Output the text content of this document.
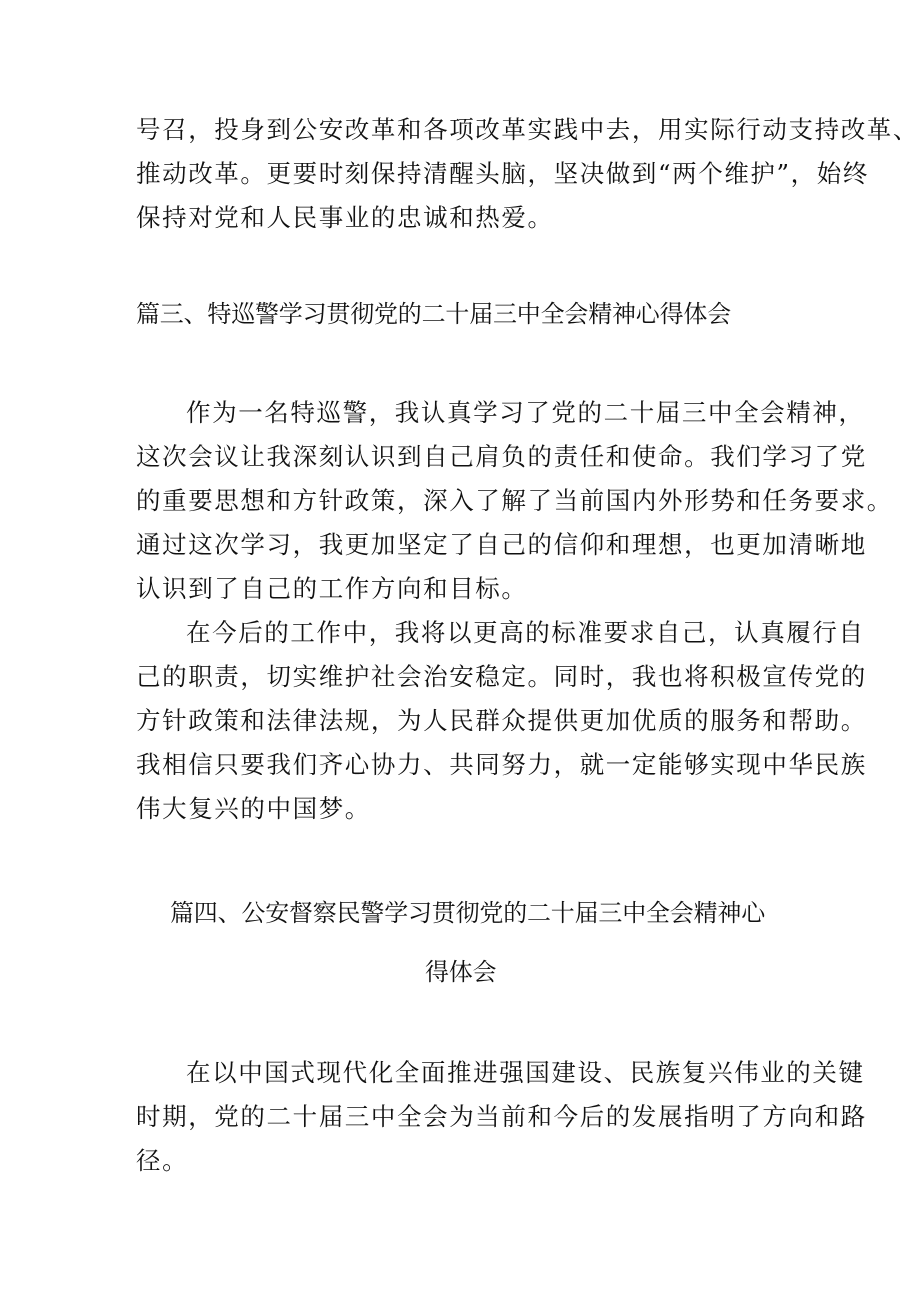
号召，投身到公安改革和各项改革实践中去，用实际行动支持改革、
推动改革。更要时刻保持清醒头脑，坚决做到“两个维护”，始终
保持对党和人民事业的忠诚和热爱。
篇三、特巡警学习贯彻党的二十届三中全会精神心得体会
作为一名特巡警，我认真学习了党的二十届三中全会精神，
这次会议让我深刻认识到自己肩负的责任和使命。我们学习了党
的重要思想和方针政策，深入了解了当前国内外形势和任务要求。
通过这次学习，我更加坚定了自己的信仰和理想，也更加清晰地
认识到了自己的工作方向和目标。
在今后的工作中，我将以更高的标准要求自己，认真履行自
己的职责，切实维护社会治安稳定。同时，我也将积极宣传党的
方针政策和法律法规，为人民群众提供更加优质的服务和帮助。
我相信只要我们齐心协力、共同努力，就一定能够实现中华民族
伟大复兴的中国梦。
篇四、公安督察民警学习贯彻党的二十届三中全会精神心
得体会
在以中国式现代化全面推进强国建设、民族复兴伟业的关键
时期，党的二十届三中全会为当前和今后的发展指明了方向和路
径。
